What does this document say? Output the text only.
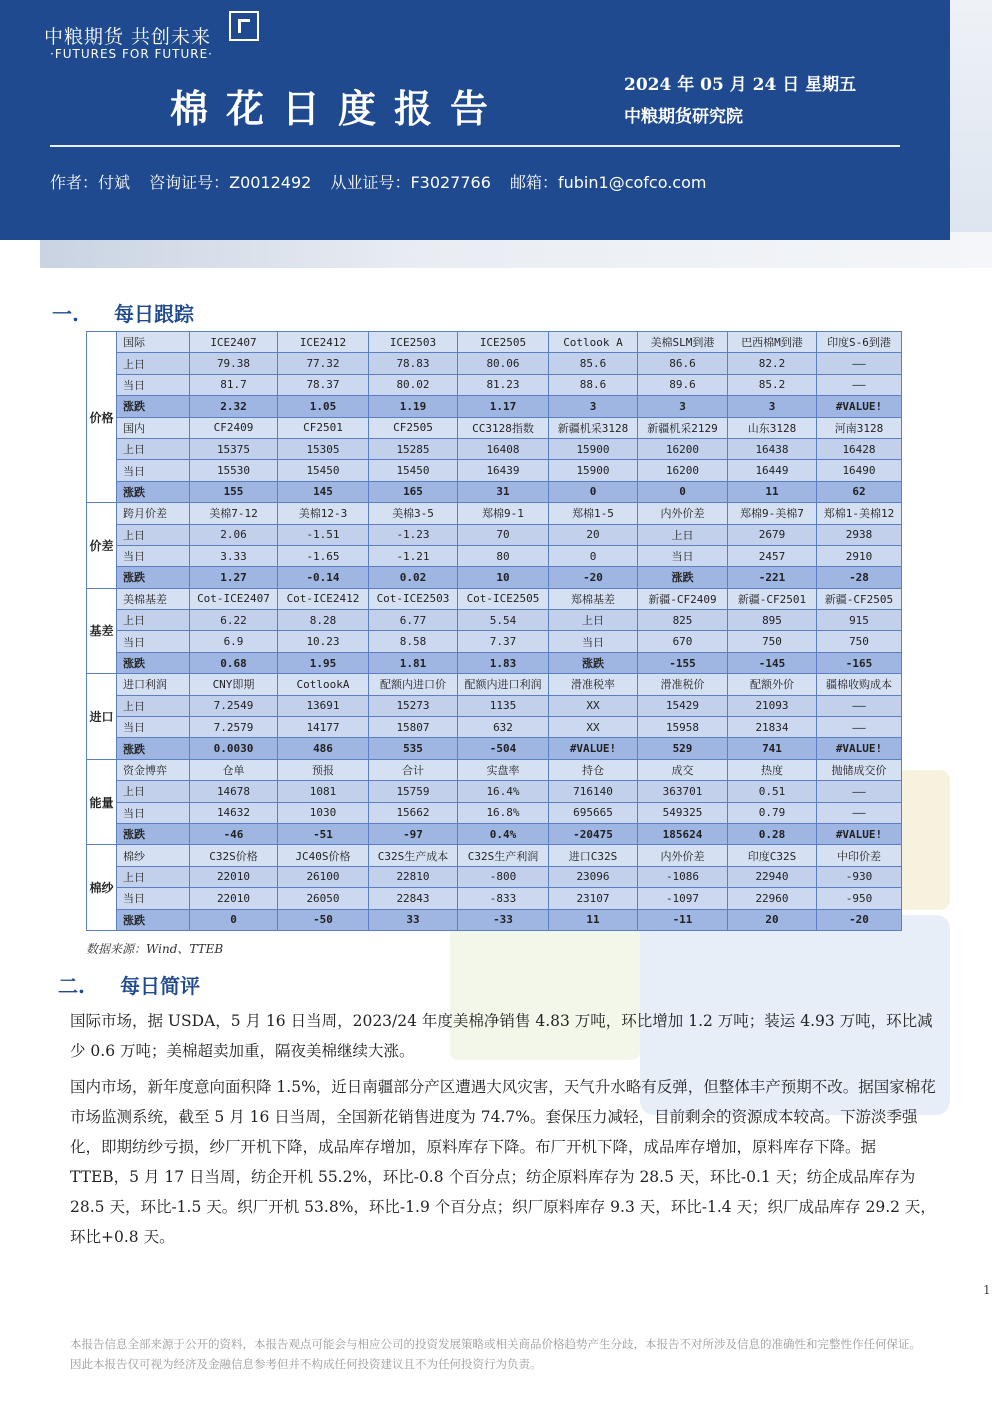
中粮期货 共创未来
·FUTURES FOR FUTURE·
棉花日度报告
2024 年 05 月 24 日 星期五
中粮期货研究院
作者：付斌 咨询证号：Z0012492 从业证号：F3027766 邮箱：fubin1@cofco.com
一. 每日跟踪
价格	国际	ICE2407	ICE2412	ICE2503	ICE2505	Cotlook A	美棉SLM到港	巴西棉M到港	印度S-6到港
	上日	79.38	77.32	78.83	80.06	85.6	86.6	82.2	——
	当日	81.7	78.37	80.02	81.23	88.6	89.6	85.2	——
	涨跌	2.32	1.05	1.19	1.17	3	3	3	#VALUE!
	国内	CF2409	CF2501	CF2505	CC3128指数	新疆机采3128	新疆机采2129	山东3128	河南3128
	上日	15375	15305	15285	16408	15900	16200	16438	16428
	当日	15530	15450	15450	16439	15900	16200	16449	16490
	涨跌	155	145	165	31	0	0	11	62
价差	跨月价差	美棉7-12	美棉12-3	美棉3-5	郑棉9-1	郑棉1-5	内外价差	郑棉9-美棉7	郑棉1-美棉12
	上日	2.06	-1.51	-1.23	70	20	上日	2679	2938
	当日	3.33	-1.65	-1.21	80	0	当日	2457	2910
	涨跌	1.27	-0.14	0.02	10	-20	涨跌	-221	-28
基差	美棉基差	Cot-ICE2407	Cot-ICE2412	Cot-ICE2503	Cot-ICE2505	郑棉基差	新疆-CF2409	新疆-CF2501	新疆-CF2505
	上日	6.22	8.28	6.77	5.54	上日	825	895	915
	当日	6.9	10.23	8.58	7.37	当日	670	750	750
	涨跌	0.68	1.95	1.81	1.83	涨跌	-155	-145	-165
进口	进口利润	CNY即期	CotlookA	配额内进口价	配额内进口利润	滑准税率	滑准税价	配额外价	疆棉收购成本
	上日	7.2549	13691	15273	1135	XX	15429	21093	——
	当日	7.2579	14177	15807	632	XX	15958	21834	——
	涨跌	0.0030	486	535	-504	#VALUE!	529	741	#VALUE!
能量	资金博弈	仓单	预报	合计	实盘率	持仓	成交	热度	抛储成交价
	上日	14678	1081	15759	16.4%	716140	363701	0.51	——
	当日	14632	1030	15662	16.8%	695665	549325	0.79	——
	涨跌	-46	-51	-97	0.4%	-20475	185624	0.28	#VALUE!
棉纱	棉纱	C32S价格	JC40S价格	C32S生产成本	C32S生产利润	进口C32S	内外价差	印度C32S	中印价差
	上日	22010	26100	22810	-800	23096	-1086	22940	-930
	当日	22010	26050	22843	-833	23107	-1097	22960	-950
	涨跌	0	-50	33	-33	11	-11	20	-20
数据来源：Wind、TTEB
二. 每日简评
国际市场，据 USDA，5 月 16 日当周，2023/24 年度美棉净销售 4.83 万吨，环比增加 1.2 万吨；装运 4.93 万吨，环比减少 0.6 万吨；美棉超卖加重，隔夜美棉继续大涨。
国内市场，新年度意向面积降 1.5%，近日南疆部分产区遭遇大风灾害，天气升水略有反弹，但整体丰产预期不改。据国家棉花市场监测系统，截至 5 月 16 日当周，全国新花销售进度为 74.7%。套保压力减轻，目前剩余的资源成本较高。下游淡季强化，即期纺纱亏损，纱厂开机下降，成品库存增加，原料库存下降。布厂开机下降，成品库存增加，原料库存下降。据 TTEB，5 月 17 日当周，纺企开机 55.2%，环比-0.8 个百分点；纺企原料库存为 28.5 天，环比-0.1 天；纺企成品库存为 28.5 天，环比-1.5 天。织厂开机 53.8%，环比-1.9 个百分点；织厂原料库存 9.3 天，环比-1.4 天；织厂成品库存 29.2 天，环比+0.8 天。
1
本报告信息全部来源于公开的资料，本报告观点可能会与相应公司的投资发展策略或相关商品价格趋势产生分歧，本报告不对所涉及信息的准确性和完整性作任何保证。因此本报告仅可视为经济及金融信息参考但并不构成任何投资建议且不为任何投资行为负责。
